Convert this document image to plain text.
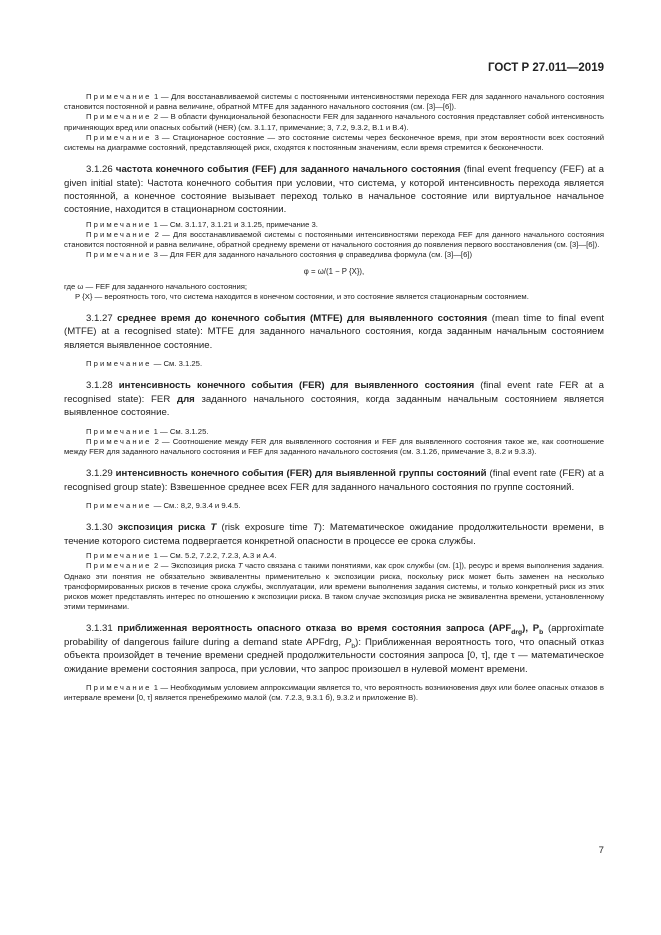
ГОСТ Р 27.011—2019

Примечание 1 — Для восстанавливаемой системы с постоянными интенсивностями перехода FER для заданного начального состояния становится постоянной и равна величине, обратной MTFE для заданного начального состояния (см. [3]—[6]).

Примечание 2 — В области функциональной безопасности FER для заданного начального состояния представляет собой интенсивность причиняющих вред или опасных событий (HER) (см. 3.1.17, примечание; 3, 7.2, 9.3.2, В.1 и В.4).

Примечание 3 — Стационарное состояние — это состояние системы через бесконечное время, при этом вероятности всех состояний системы на диаграмме состояний, представляющей риск, сходятся к постоянным значениям, если время стремится к бесконечности.

3.1.26 частота конечного события (FEF) для заданного начального состояния (final event frequency (FEF) at a given initial state): Частота конечного события при условии, что система, у которой интенсивность перехода является постоянной, а конечное состояние вызывает переход только в начальное состояние или виртуальное начальное состояние, находится в стационарном состоянии.

Примечание 1 — См. 3.1.17, 3.1.21 и 3.1.25, примечание 3.

Примечание 2 — Для восстанавливаемой системы с постоянными интенсивностями перехода FEF для данного начального состояния становится постоянной и равна величине, обратной среднему времени от начального состояния до появления первого восстановления (см. [3]—[6]).

Примечание 3 — Для FER для заданного начального состояния φ справедлива формула (см. [3]—[6])

φ = ω/(1 − P {X}),

где ω — FEF для заданного начального состояния;

P {X} — вероятность того, что система находится в конечном состоянии, и это состояние является стационарным состоянием.

3.1.27 среднее время до конечного события (MTFE) для выявленного состояния (mean time to final event (MTFE) at a recognised state): MTFE для заданного начального состояния, когда заданным начальным состоянием является выявленное состояние.

Примечание — См. 3.1.25.

3.1.28 интенсивность конечного события (FER) для выявленного состояния (final event rate FER at a recognised state): FER для заданного начального состояния, когда заданным начальным состоянием является выявленное состояние.

Примечание 1 — См. 3.1.25.

Примечание 2 — Соотношение между FER для выявленного состояния и FEF для выявленного состояния такое же, как соотношение между FER для заданного начального состояния и FEF для заданного начального состояния (см. 3.1.26, примечание 3, 8.2 и 9.3.3).

3.1.29 интенсивность конечного события (FER) для выявленной группы состояний (final event rate (FER) at a recognised group state): Взвешенное среднее всех FER для заданного начального состояния по группе состояний.

Примечание — См.: 8,2, 9.3.4 и 9.4.5.

3.1.30 экспозиция риска T (risk exposure time T): Математическое ожидание продолжительности времени, в течение которого система подвергается конкретной опасности в процессе ее срока службы.

Примечание 1 — См. 5.2, 7.2.2, 7.2.3, А.3 и А.4.

Примечание 2 — Экспозиция риска T часто связана с такими понятиями, как срок службы (см. [1]), ресурс и время выполнения задания. Однако эти понятия не обязательно эквивалентны применительно к экспозиции риска, поскольку риск может быть заменен на несколько трансформированных рисков в течение срока службы, эксплуатации, или времени выполнения задания системы, и только конкретный риск из этих рисков может представлять интерес по отношению к экспозиции риска. В таком случае экспозиция риска не эквивалентна времени, установленному этими терминами.

3.1.31 приближенная вероятность опасного отказа во время состояния запроса $(APF_{drg})$, $P_b$ (approximate probability of dangerous failure during a demand state APFdrg, $P_b$): Приближенная вероятность того, что опасный отказ объекта произойдет в течение времени средней продолжительности состояния запроса [0, τ], где τ — математическое ожидание времени состояния запроса, при условии, что запрос произошел в нулевой момент времени.

Примечание 1 — Необходимым условием аппроксимации является то, что вероятность возникновения двух или более опасных отказов в интервале времени [0, τ] является пренебрежимо малой (см. 7.2.3, 9.3.1 б), 9.3.2 и приложение В).

7
